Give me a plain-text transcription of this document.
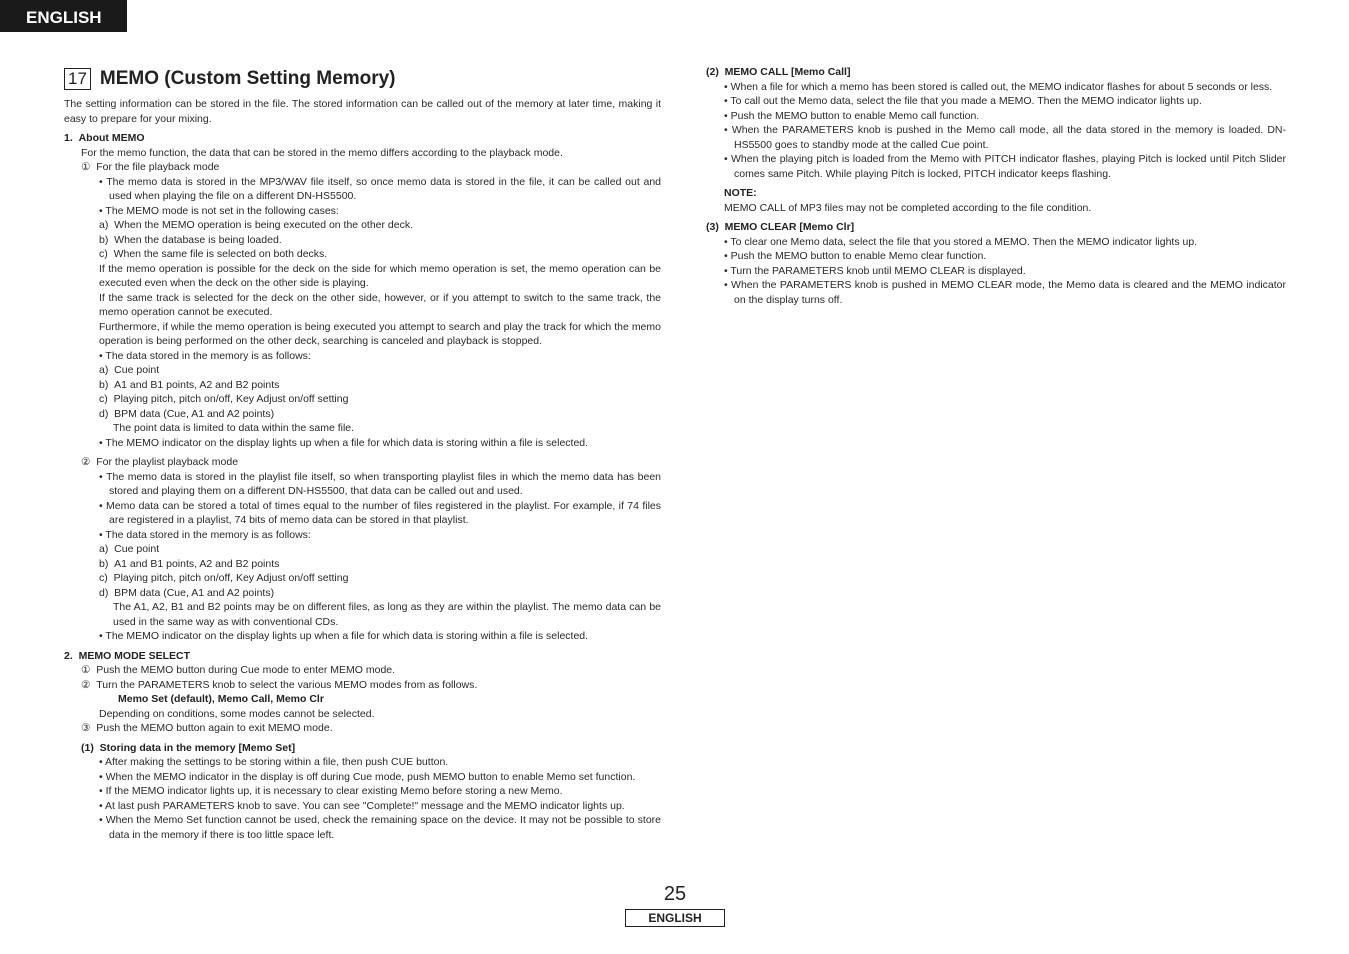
ENGLISH
17 MEMO (Custom Setting Memory)

The setting information can be stored in the file. The stored information can be called out of the memory at later time, making it easy to prepare for your mixing.

1.  About MEMO

For the memo function, the data that can be stored in the memo differs according to the playback mode.

①  For the file playback mode

• The memo data is stored in the MP3/WAV file itself, so once memo data is stored in the file, it can be called out and used when playing the file on a different DN-HS5500.

• The MEMO mode is not set in the following cases:

a)  When the MEMO operation is being executed on the other deck.

b)  When the database is being loaded.

c)  When the same file is selected on both decks.

If the memo operation is possible for the deck on the side for which memo operation is set, the memo operation can be executed even when the deck on the other side is playing.

If the same track is selected for the deck on the other side, however, or if you attempt to switch to the same track, the memo operation cannot be executed.

Furthermore, if while the memo operation is being executed you attempt to search and play the track for which the memo operation is being performed on the other deck, searching is canceled and playback is stopped.

• The data stored in the memory is as follows:

a)  Cue point

b)  A1 and B1 points, A2 and B2 points

c)  Playing pitch, pitch on/off, Key Adjust on/off setting

d)  BPM data (Cue, A1 and A2 points)

The point data is limited to data within the same file.

• The MEMO indicator on the display lights up when a file for which data is storing within a file is selected.

②  For the playlist playback mode

• The memo data is stored in the playlist file itself, so when transporting playlist files in which the memo data has been stored and playing them on a different DN-HS5500, that data can be called out and used.

• Memo data can be stored a total of times equal to the number of files registered in the playlist. For example, if 74 files are registered in a playlist, 74 bits of memo data can be stored in that playlist.

• The data stored in the memory is as follows:

a)  Cue point

b)  A1 and B1 points, A2 and B2 points

c)  Playing pitch, pitch on/off, Key Adjust on/off setting

d)  BPM data (Cue, A1 and A2 points)

The A1, A2, B1 and B2 points may be on different files, as long as they are within the playlist. The memo data can be used in the same way as with conventional CDs.

• The MEMO indicator on the display lights up when a file for which data is storing within a file is selected.

2.  MEMO MODE SELECT

①  Push the MEMO button during Cue mode to enter MEMO mode.

②  Turn the PARAMETERS knob to select the various MEMO modes from as follows.

Memo Set (default), Memo Call, Memo Clr

Depending on conditions, some modes cannot be selected.

③  Push the MEMO button again to exit MEMO mode.

(1)  Storing data in the memory [Memo Set]

• After making the settings to be storing within a file, then push CUE button.

• When the MEMO indicator in the display is off during Cue mode, push MEMO button to enable Memo set function.

• If the MEMO indicator lights up, it is necessary to clear existing Memo before storing a new Memo.

• At last push PARAMETERS knob to save. You can see "Complete!" message and the MEMO indicator lights up.

• When the Memo Set function cannot be used, check the remaining space on the device. It may not be possible to store data in the memory if there is too little space left.

(2)  MEMO CALL [Memo Call]

• When a file for which a memo has been stored is called out, the MEMO indicator flashes for about 5 seconds or less.

• To call out the Memo data, select the file that you made a MEMO. Then the MEMO indicator lights up.

• Push the MEMO button to enable Memo call function.

• When the PARAMETERS knob is pushed in the Memo call mode, all the data stored in the memory is loaded. DN-HS5500 goes to standby mode at the called Cue point.

• When the playing pitch is loaded from the Memo with PITCH indicator flashes, playing Pitch is locked until Pitch Slider comes same Pitch. While playing Pitch is locked, PITCH indicator keeps flashing.

NOTE:

MEMO CALL of MP3 files may not be completed according to the file condition.

(3)  MEMO CLEAR [Memo Clr]

• To clear one Memo data, select the file that you stored a MEMO. Then the MEMO indicator lights up.

• Push the MEMO button to enable Memo clear function.

• Turn the PARAMETERS knob until MEMO CLEAR is displayed.

• When the PARAMETERS knob is pushed in MEMO CLEAR mode, the Memo data is cleared and the MEMO indicator on the display turns off.

25
ENGLISH
